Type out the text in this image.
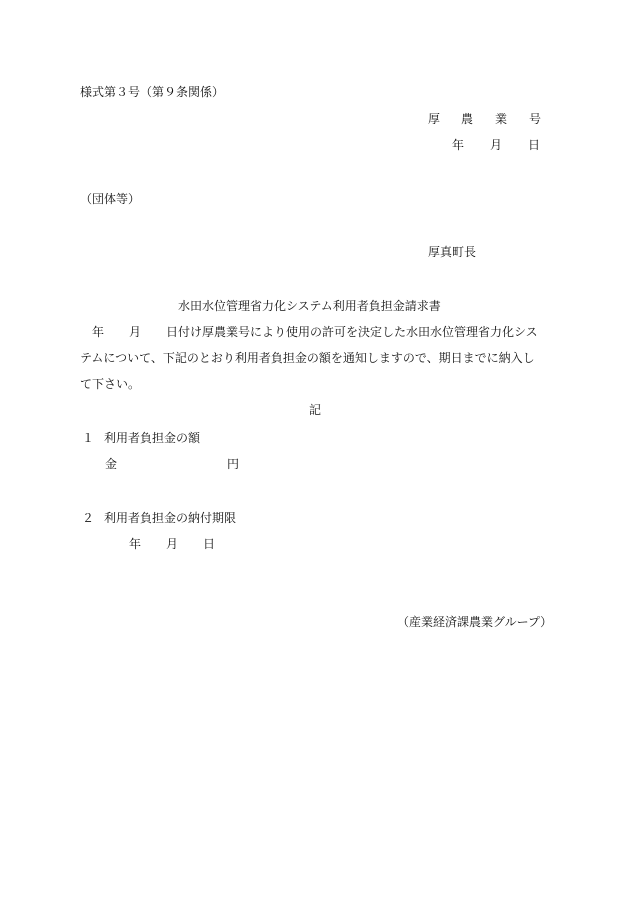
様式第３号（第９条関係）
厚 農 業 号
年 月 日
（団体等）
厚真町長
水田水位管理省力化システム利用者負担金請求書
年 月 日付け厚農業号により使用の許可を決定した水田水位管理省力化シス
テムについて、下記のとおり利用者負担金の額を通知しますので、期日までに納入し
て下さい。
記
１ 利用者負担金の額
金	円
２ 利用者負担金の納付期限
年 月 日
（産業経済課農業グループ）
